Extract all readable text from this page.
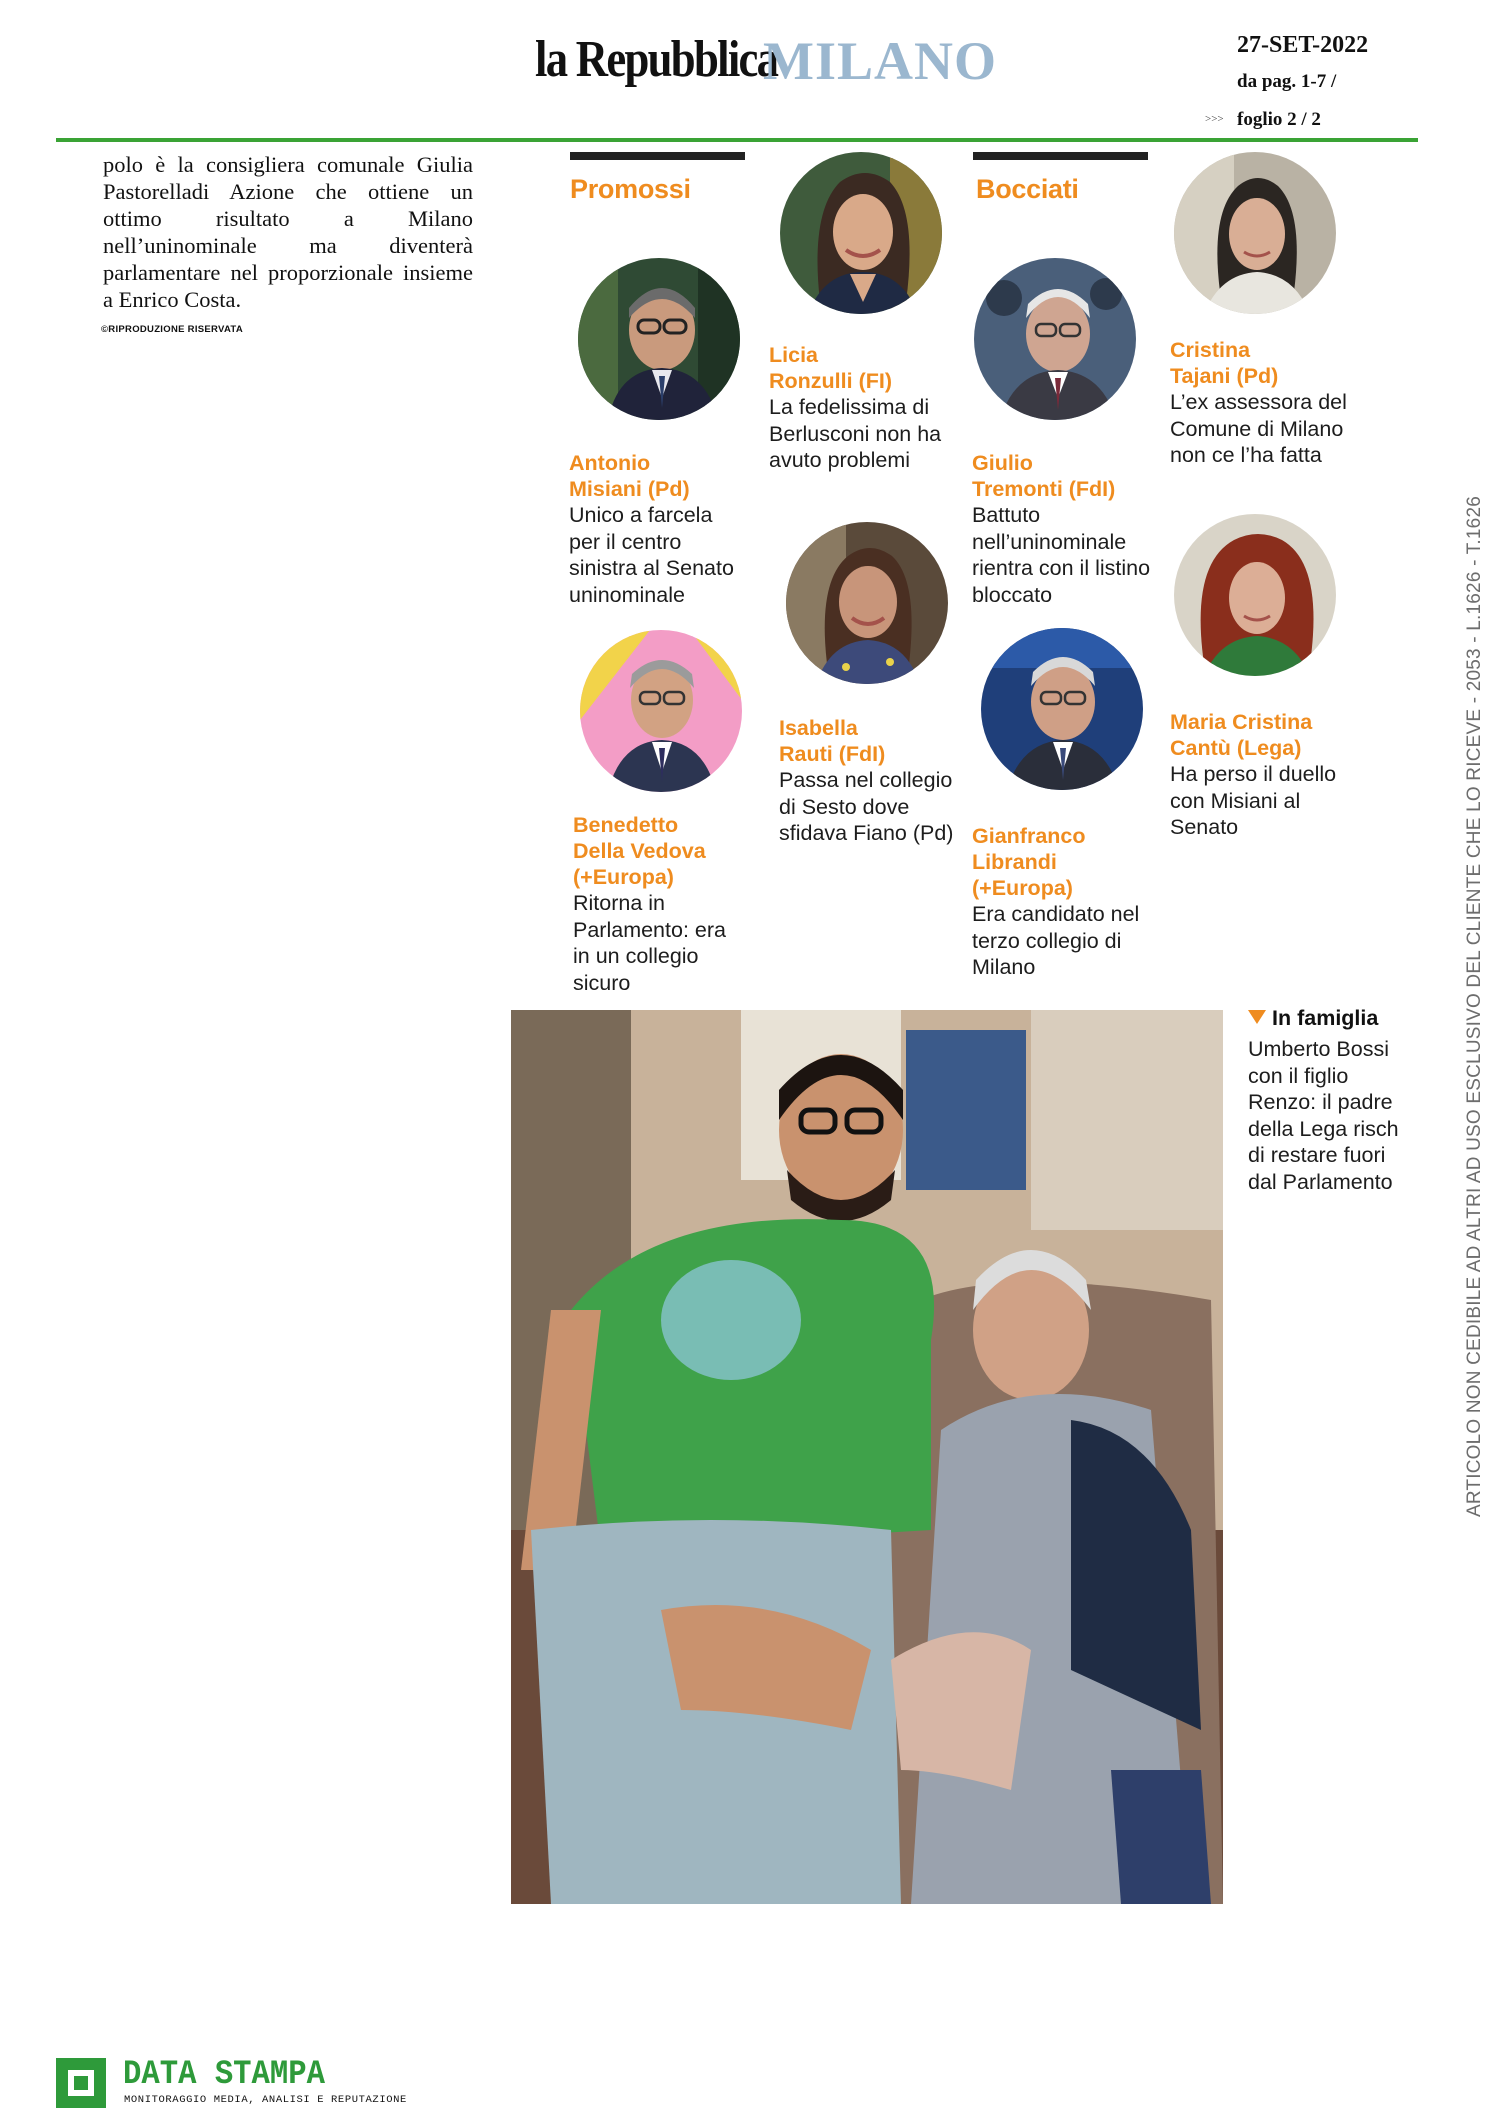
la Repubblica
MILANO	27-SET-2022
da pag. 1-7 /
>>> foglio 2 / 2
polo è la consigliera comunale Giulia Pastorelladi Azione che ottiene un ottimo risultato a Milano nell’uninominale ma diventerà parlamentare nel proporzionale insieme a Enrico Costa.
©RIPRODUZIONE RISERVATA
Promossi	Bocciati
Antonio
Misiani (Pd)
Unico a farcela per il centro sinistra al Senato uninominale
Licia
Ronzulli (FI)
La fedelissima di Berlusconi non ha avuto problemi
Benedetto
Della Vedova
(+Europa)
Ritorna in Parlamento: era in un collegio sicuro
Isabella
Rauti (FdI)
Passa nel collegio di Sesto dove sfidava Fiano (Pd)
Giulio
Tremonti (FdI)
Battuto nell’uninominale rientra con il listino bloccato
Cristina
Tajani (Pd)
L’ex assessora del Comune di Milano non ce l’ha fatta
Gianfranco
Librandi
(+Europa)
Era candidato nel terzo collegio di Milano
Maria Cristina
Cantù (Lega)
Ha perso il duello con Misiani al Senato
In famiglia
Umberto Bossi con il figlio Renzo: il padre della Lega risch di restare fuori dal Parlamento	ARTICOLO NON CEDIBILE AD ALTRI AD USO ESCLUSIVO DEL CLIENTE CHE LO RICEVE - 2053 - L.1626 - T.1626
DATA STAMPA
MONITORAGGIO MEDIA, ANALISI E REPUTAZIONE
